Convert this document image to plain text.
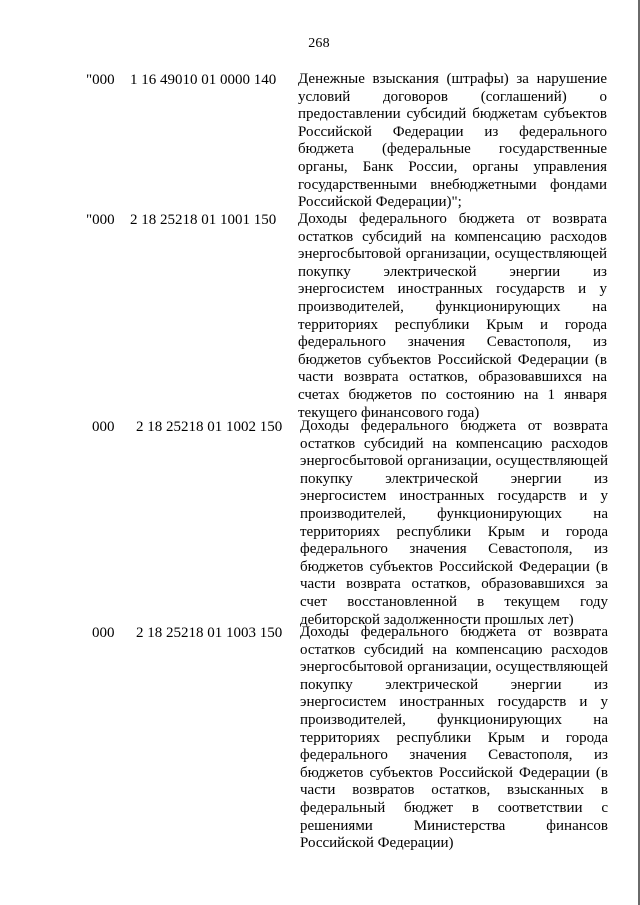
268
"000 1 16 49010 01 0000 140 Денежные взыскания (штрафы) за нарушение условий договоров (соглашений) о предоставлении субсидий бюджетам субъектов Российской Федерации из федерального бюджета (федеральные государственные органы, Банк России, органы управления государственными внебюджетными фондами Российской Федерации)";
"000 2 18 25218 01 1001 150 Доходы федерального бюджета от возврата остатков субсидий на компенсацию расходов энергосбытовой организации, осуществляющей покупку электрической энергии из энергосистем иностранных государств и у производителей, функционирующих на территориях республики Крым и города федерального значения Севастополя, из бюджетов субъектов Российской Федерации (в части возврата остатков, образовавшихся на счетах бюджетов по состоянию на 1 января текущего финансового года)
000 2 18 25218 01 1002 150 Доходы федерального бюджета от возврата остатков субсидий на компенсацию расходов энергосбытовой организации, осуществляющей покупку электрической энергии из энергосистем иностранных государств и у производителей, функционирующих на территориях республики Крым и города федерального значения Севастополя, из бюджетов субъектов Российской Федерации (в части возврата остатков, образовавшихся за счет восстановленной в текущем году дебиторской задолженности прошлых лет)
000 2 18 25218 01 1003 150 Доходы федерального бюджета от возврата остатков субсидий на компенсацию расходов энергосбытовой организации, осуществляющей покупку электрической энергии из энергосистем иностранных государств и у производителей, функционирующих на территориях республики Крым и города федерального значения Севастополя, из бюджетов субъектов Российской Федерации (в части возвратов остатков, взысканных в федеральный бюджет в соответствии с решениями Министерства финансов Российской Федерации)
